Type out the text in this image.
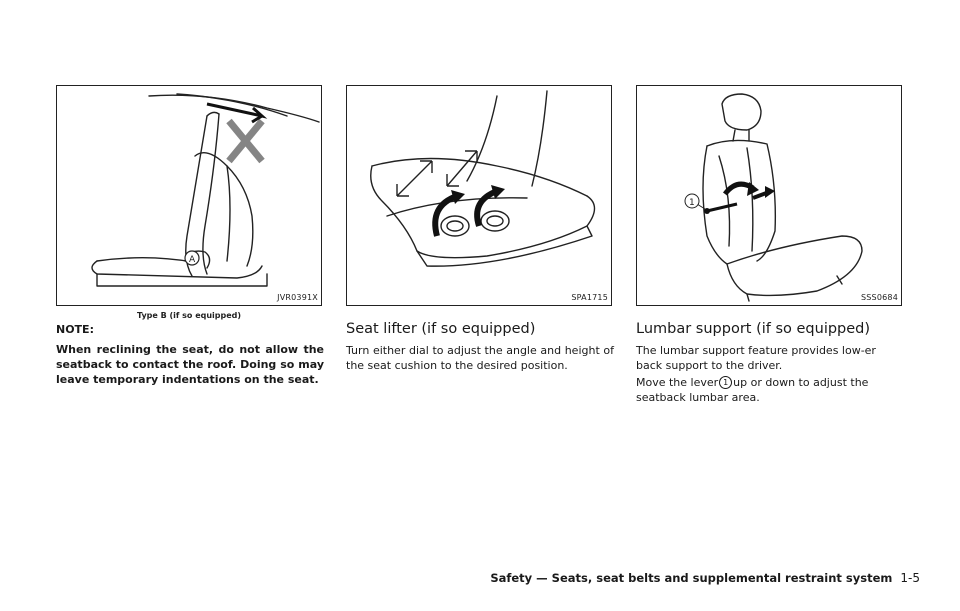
A
JVR0391X
Type B (if so equipped)
NOTE:

When reclining the seat, do not allow the seatback to contact the roof. Doing so may leave temporary indentations on the seat.

SPA1715
Seat lifter (if so equipped)

Turn either dial to adjust the angle and height of the seat cushion to the desired position.

1
SSS0684
Lumbar support (if so equipped)

The lumbar support feature provides low-er back support to the driver.

Move the lever 1 up or down to adjust the seatback lumbar area.

Safety — Seats, seat belts and supplemental restraint system 1-5
